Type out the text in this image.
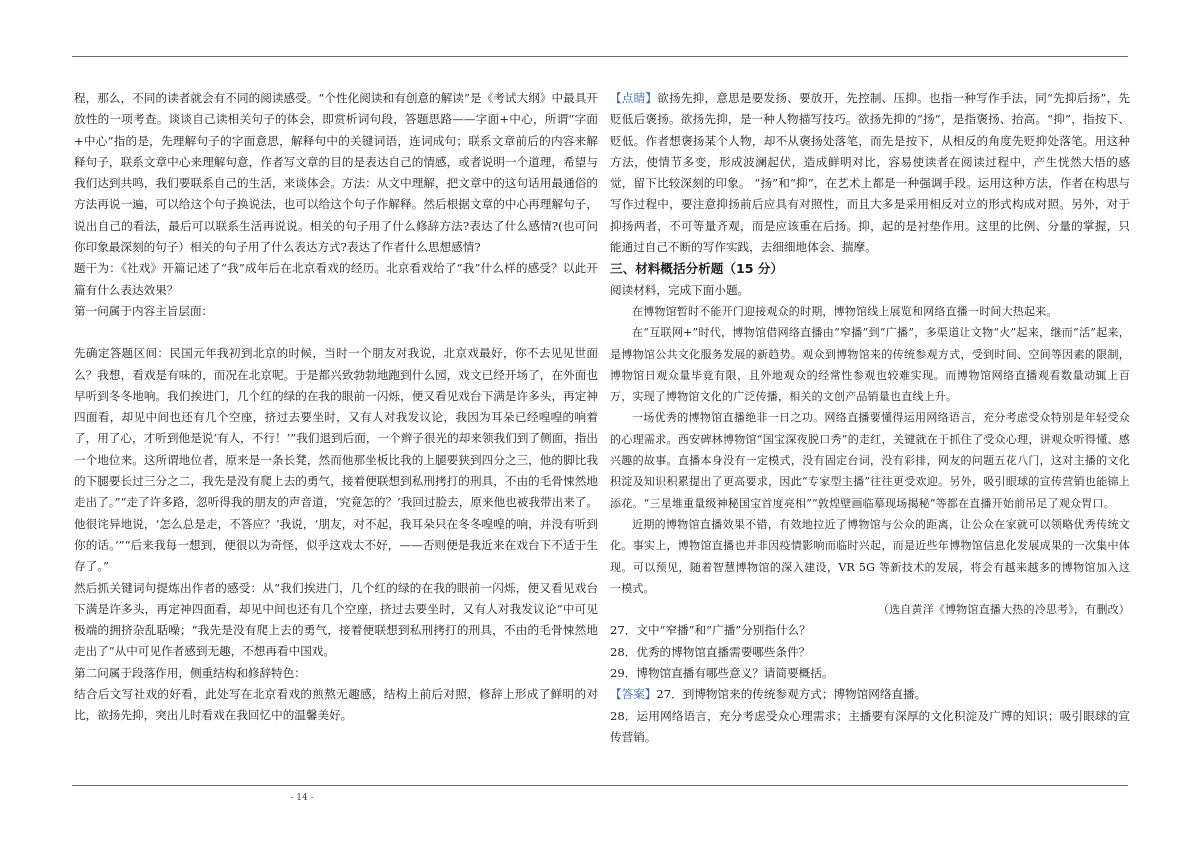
程，那么，不同的读者就会有不同的阅读感受。“个性化阅读和有创意的解读”是《考试大纲》中最具开放性的一项考查。谈谈自己读相关句子的体会，即赏析词句段，答题思路——字面+中心，所谓“字面+中心”指的是，先理解句子的字面意思，解释句中的关键词语，连词成句；联系文章前后的内容来解释句子，联系文章中心来理解句意，作者写文章的目的是表达自己的情感，或者说明一个道理，希望与我们达到共鸣，我们要联系自己的生活，来谈体会。方法：从文中理解，把文章中的这句话用最通俗的方法再说一遍，可以给这个句子换说法，也可以给这个句子作解释。然后根据文章的中心再理解句子，说出自己的看法，最后可以联系生活再说说。相关的句子用了什么修辞方法?表达了什么感情?(也可问你印象最深刻的句子）相关的句子用了什么表达方式?表达了作者什么思想感情?

题干为：《社戏》开篇记述了“我”成年后在北京看戏的经历。北京看戏给了“我”什么样的感受？以此开篇有什么表达效果？

第一问属于内容主旨层面：

先确定答题区间：民国元年我初到北京的时候，当时一个朋友对我说，北京戏最好，你不去见见世面么？我想，看戏是有味的，而况在北京呢。于是都兴致勃勃地跑到什么园，戏文已经开场了，在外面也早听到冬冬地响。我们挨进门，几个红的绿的在我的眼前一闪烁，便又看见戏台下满是许多头，再定神四面看，却见中间也还有几个空座，挤过去要坐时，又有人对我发议论，我因为耳朵已经喤喤的响着了，用了心，才听到他是说‘有人，不行！’”我们退到后面，一个辫子很光的却来领我们到了侧面，指出一个地位来。这所谓地位者，原来是一条长凳，然而他那坐板比我的上腿要狭到四分之三，他的脚比我的下腿要长过三分之二，我先是没有爬上去的勇气，接着便联想到私刑拷打的刑具，不由的毛骨悚然地走出了。”“走了许多路，忽听得我的朋友的声音道，‘究竟怎的？’我回过脸去，原来他也被我带出来了。他很诧异地说，‘怎么总是走，不答应？’我说，‘朋友，对不起，我耳朵只在冬冬喤喤的响，并没有听到你的话。’”“后来我每一想到，便很以为奇怪，似乎这戏太不好，——否则便是我近来在戏台下不适于生存了。”

然后抓关键词句提炼出作者的感受：从“我们挨进门，几个红的绿的在我的眼前一闪烁，便又看见戏台下满是许多头，再定神四面看，却见中间也还有几个空座，挤过去要坐时，又有人对我发议论”中可见极端的拥挤杂乱聒噪；“我先是没有爬上去的勇气，接着便联想到私刑拷打的刑具，不由的毛骨悚然地走出了”从中可见作者感到无趣，不想再看中国戏。

第二问属于段落作用，侧重结构和修辞特色：

结合后文写社戏的好看，此处写在北京看戏的煎熬无趣感，结构上前后对照，修辞上形成了鲜明的对比，欲扬先抑，突出儿时看戏在我回忆中的温馨美好。

【点睛】欲扬先抑，意思是要发扬、要放开，先控制、压抑。也指一种写作手法，同“先抑后扬”，先贬低后褒扬。欲扬先抑，是一种人物描写技巧。欲扬先抑的“扬”，是指褒扬、抬高。“抑”，指按下、贬低。作者想褒扬某个人物，却不从褒扬处落笔，而先是按下，从相反的角度先贬抑处落笔。用这种方法，使情节多变，形成波澜起伏，造成鲜明对比，容易使读者在阅读过程中，产生恍然大悟的感觉，留下比较深刻的印象。 “扬”和“抑”，在艺术上都是一种强调手段。运用这种方法，作者在构思与写作过程中，要注意抑扬前后应具有对照性，而且大多是采用相反对立的形式构成对照。另外，对于抑扬两者，不可等量齐观，而是应该重在后扬。抑，起的是衬垫作用。这里的比例、分量的掌握，只能通过自己不断的写作实践，去细细地体会、揣摩。

三、材料概括分析题（15 分）

阅读材料，完成下面小题。

在博物馆暂时不能开门迎接观众的时期，博物馆线上展览和网络直播一时间大热起来。

在“互联网+”时代，博物馆借网络直播由“窄播”到“广播”，多渠道让文物“火”起来，继而“活”起来，是博物馆公共文化服务发展的新趋势。观众到博物馆来的传统参观方式，受到时间、空间等因素的限制，博物馆日观众量毕竟有限，且外地观众的经常性参观也较难实现。而博物馆网络直播观看数量动辄上百万，实现了博物馆文化的广泛传播，相关的文创产品销量也直线上升。

一场优秀的博物馆直播绝非一日之功。网络直播要懂得运用网络语言，充分考虑受众特别是年轻受众的心理需求。西安碑林博物馆“国宝深夜脱口秀”的走红，关键就在于抓住了受众心理，讲观众听得懂、感兴趣的故事。直播本身没有一定模式，没有固定台词，没有彩排，网友的问题五花八门，这对主播的文化积淀及知识积累提出了更高要求，因此“专家型主播”往往更受欢迎。另外，吸引眼球的宣传营销也能锦上添花。“三星堆重量级神秘国宝首度亮相”“敦煌壁画临摹现场揭秘”等都在直播开始前吊足了观众胃口。

近期的博物馆直播效果不错，有效地拉近了博物馆与公众的距离，让公众在家就可以领略优秀传统文化。事实上，博物馆直播也并非因疫情影响而临时兴起，而是近些年博物馆信息化发展成果的一次集中体现。可以预见，随着智慧博物馆的深入建设，VR 5G 等新技术的发展，将会有越来越多的博物馆加入这一模式。

（选自黄洋《博物馆直播大热的冷思考》，有删改）

27．文中“窄播”和“广播”分别指什么？

28．优秀的博物馆直播需要哪些条件？

29．博物馆直播有哪些意义？请简要概括。

【答案】27．到博物馆来的传统参观方式；博物馆网络直播。

28．运用网络语言，充分考虑受众心理需求；主播要有深厚的文化积淀及广博的知识；吸引眼球的宣传营销。

- 14 -
